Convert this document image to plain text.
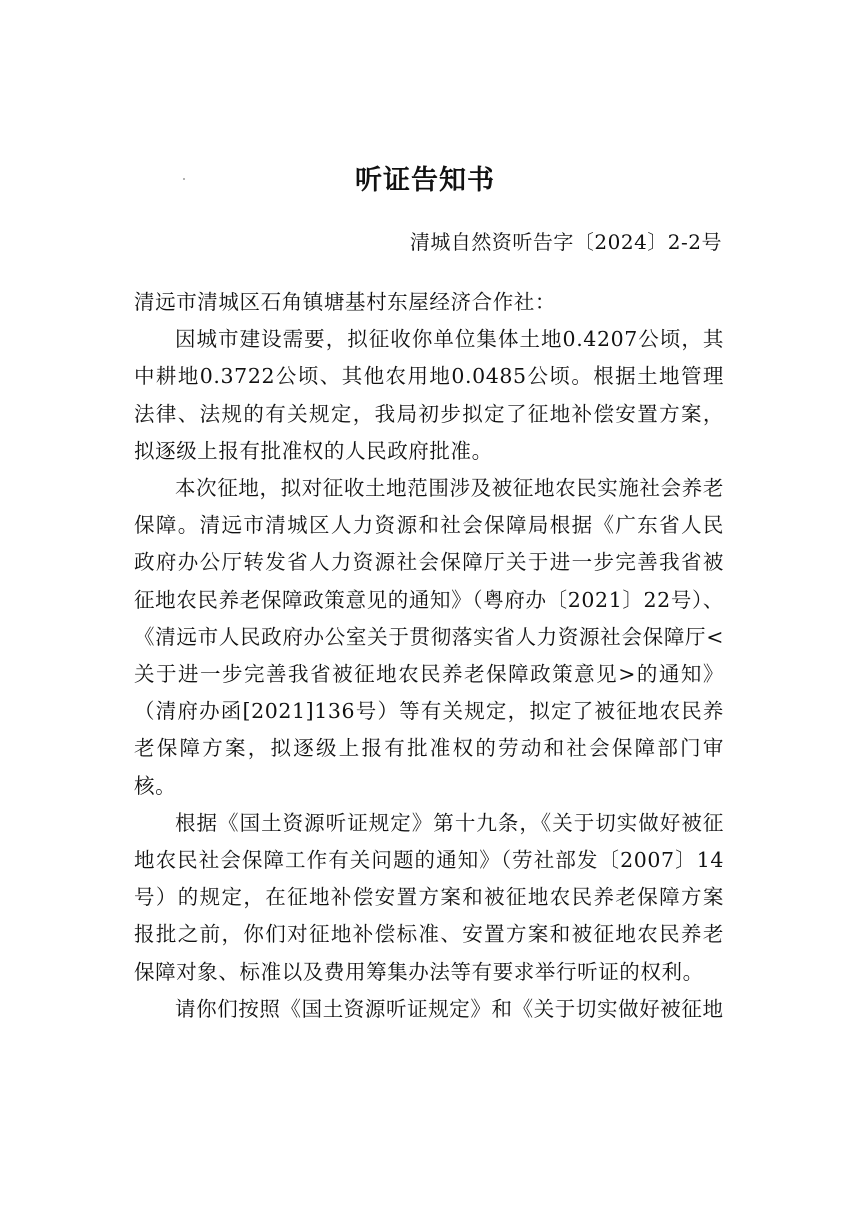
听证告知书
清城自然资听告字〔2024〕2-2号
清远市清城区石角镇塘基村东屋经济合作社：

因城市建设需要，拟征收你单位集体土地0.4207公顷，其中耕地0.3722公顷、其他农用地0.0485公顷。根据土地管理法律、法规的有关规定，我局初步拟定了征地补偿安置方案，拟逐级上报有批准权的人民政府批准。

本次征地，拟对征收土地范围涉及被征地农民实施社会养老保障。清远市清城区人力资源和社会保障局根据《广东省人民政府办公厅转发省人力资源社会保障厅关于进一步完善我省被征地农民养老保障政策意见的通知》（粤府办〔2021〕22号）、《清远市人民政府办公室关于贯彻落实省人力资源社会保障厅<关于进一步完善我省被征地农民养老保障政策意见>的通知》（清府办函[2021]136号）等有关规定，拟定了被征地农民养老保障方案，拟逐级上报有批准权的劳动和社会保障部门审核。

根据《国土资源听证规定》第十九条，《关于切实做好被征地农民社会保障工作有关问题的通知》（劳社部发〔2007〕14号）的规定，在征地补偿安置方案和被征地农民养老保障方案报批之前，你们对征地补偿标准、安置方案和被征地农民养老保障对象、标准以及费用筹集办法等有要求举行听证的权利。

请你们按照《国土资源听证规定》和《关于切实做好被征地
